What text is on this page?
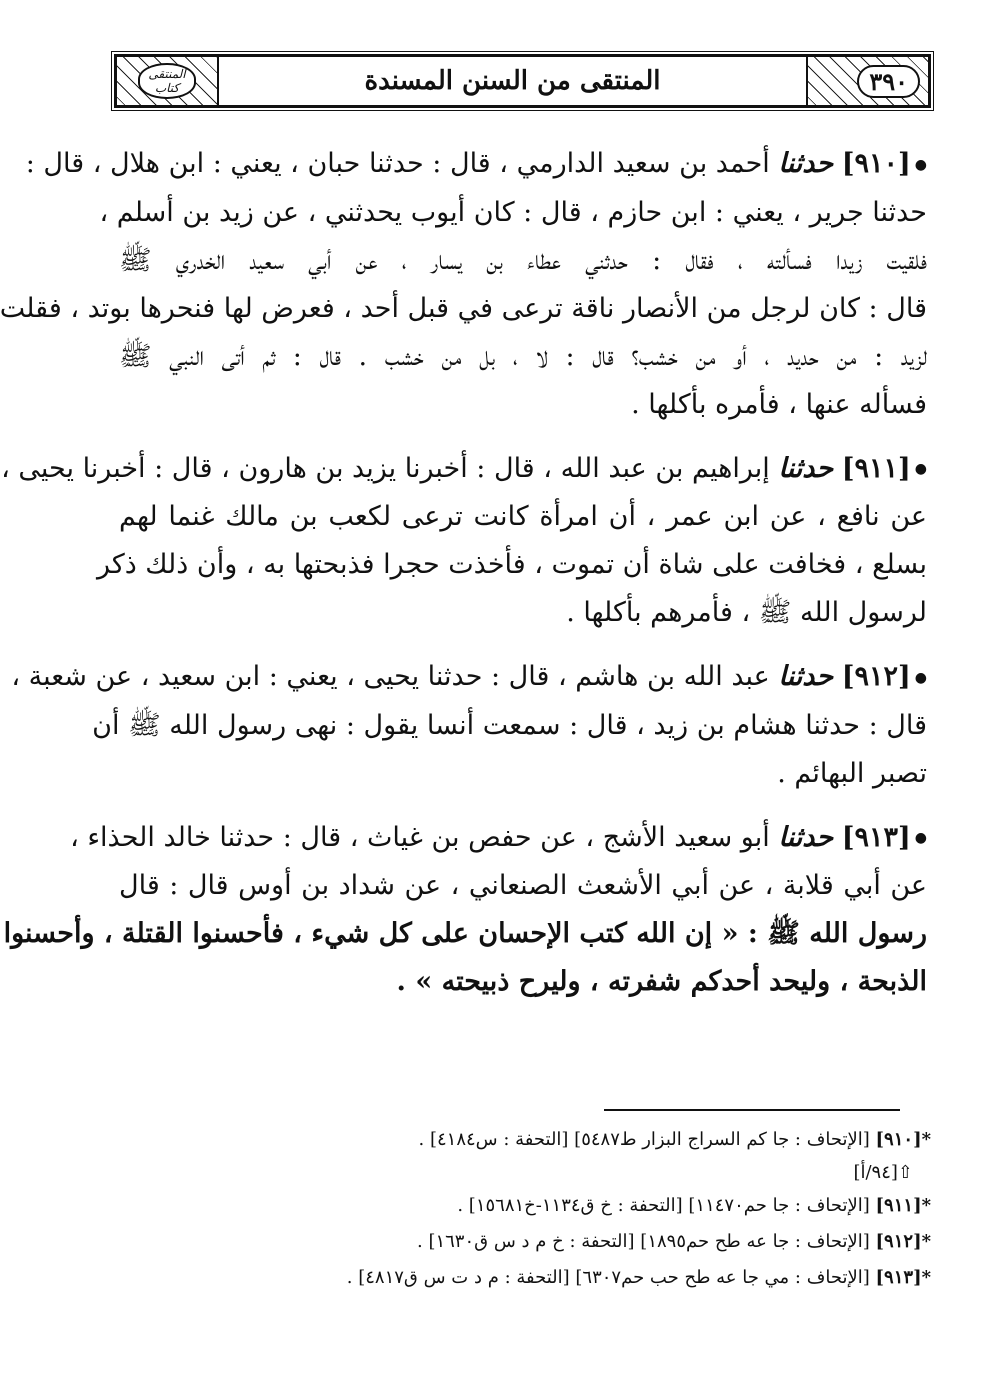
المنتقى
كتاب	المنتقى من السنن المسندة	٣٩٠
●[٩١٠] حدثنا أحمد بن سعيد الدارمي ، قال : حدثنا حبان ، يعني : ابن هلال ، قال :
حدثنا جرير ، يعني : ابن حازم ، قال : كان أيوب يحدثني ، عن زيد بن أسلم ،
فلقيت زيدا فسألته ، فقال : حدثني عطاء بن يسار ، عن أبي سعيد الخدري ﷺ
قال : كان لرجل من الأنصار ناقة ترعى في قبل أحد ، فعرض لها فنحرها بوتد ، فقلت
لزيد : من حديد ، أو من خشب؟ قال : لا ، بل من خشب . قال : ثم أتى النبي ﷺ
فسأله عنها ، فأمره بأكلها .
●[٩١١] حدثنا إبراهيم بن عبد الله ، قال : أخبرنا يزيد بن هارون ، قال : أخبرنا يحيى ،
عن نافع ، عن ابن عمر ، أن امرأة كانت ترعى لكعب بن مالك غنما لهم
بسلع ، فخافت على شاة أن تموت ، فأخذت حجرا فذبحتها به ، وأن ذلك ذكر
لرسول الله ﷺ ، فأمرهم بأكلها .
●[٩١٢] حدثنا عبد الله بن هاشم ، قال : حدثنا يحيى ، يعني : ابن سعيد ، عن شعبة ،
قال : حدثنا هشام بن زيد ، قال : سمعت أنسا يقول : نهى رسول الله ﷺ أن
تصبر البهائم .
●[٩١٣] حدثنا أبو سعيد الأشج ، عن حفص بن غياث ، قال : حدثنا خالد الحذاء ،
عن أبي قلابة ، عن أبي الأشعث الصنعاني ، عن شداد بن أوس قال : قال
رسول الله ﷺ : « إن الله كتب الإحسان على كل شيء ، فأحسنوا القتلة ، وأحسنوا
الذبحة ، وليحد أحدكم شفرته ، وليرح ذبيحته » .
*[٩١٠] [الإتحاف : جا كم السراج البزار ط٥٤٨٧] [التحفة : س٤١٨٤] .
⇧[٩٤/أ]
*[٩١١] [الإتحاف : جا حم١١٤٧٠] [التحفة : خ ق١١٣٤-خ١٥٦٨١] .
*[٩١٢] [الإتحاف : جا عه طح حم١٨٩٥] [التحفة : خ م د س ق١٦٣٠] .
*[٩١٣] [الإتحاف : مي جا عه طح حب حم٦٣٠٧] [التحفة : م د ت س ق٤٨١٧] .
